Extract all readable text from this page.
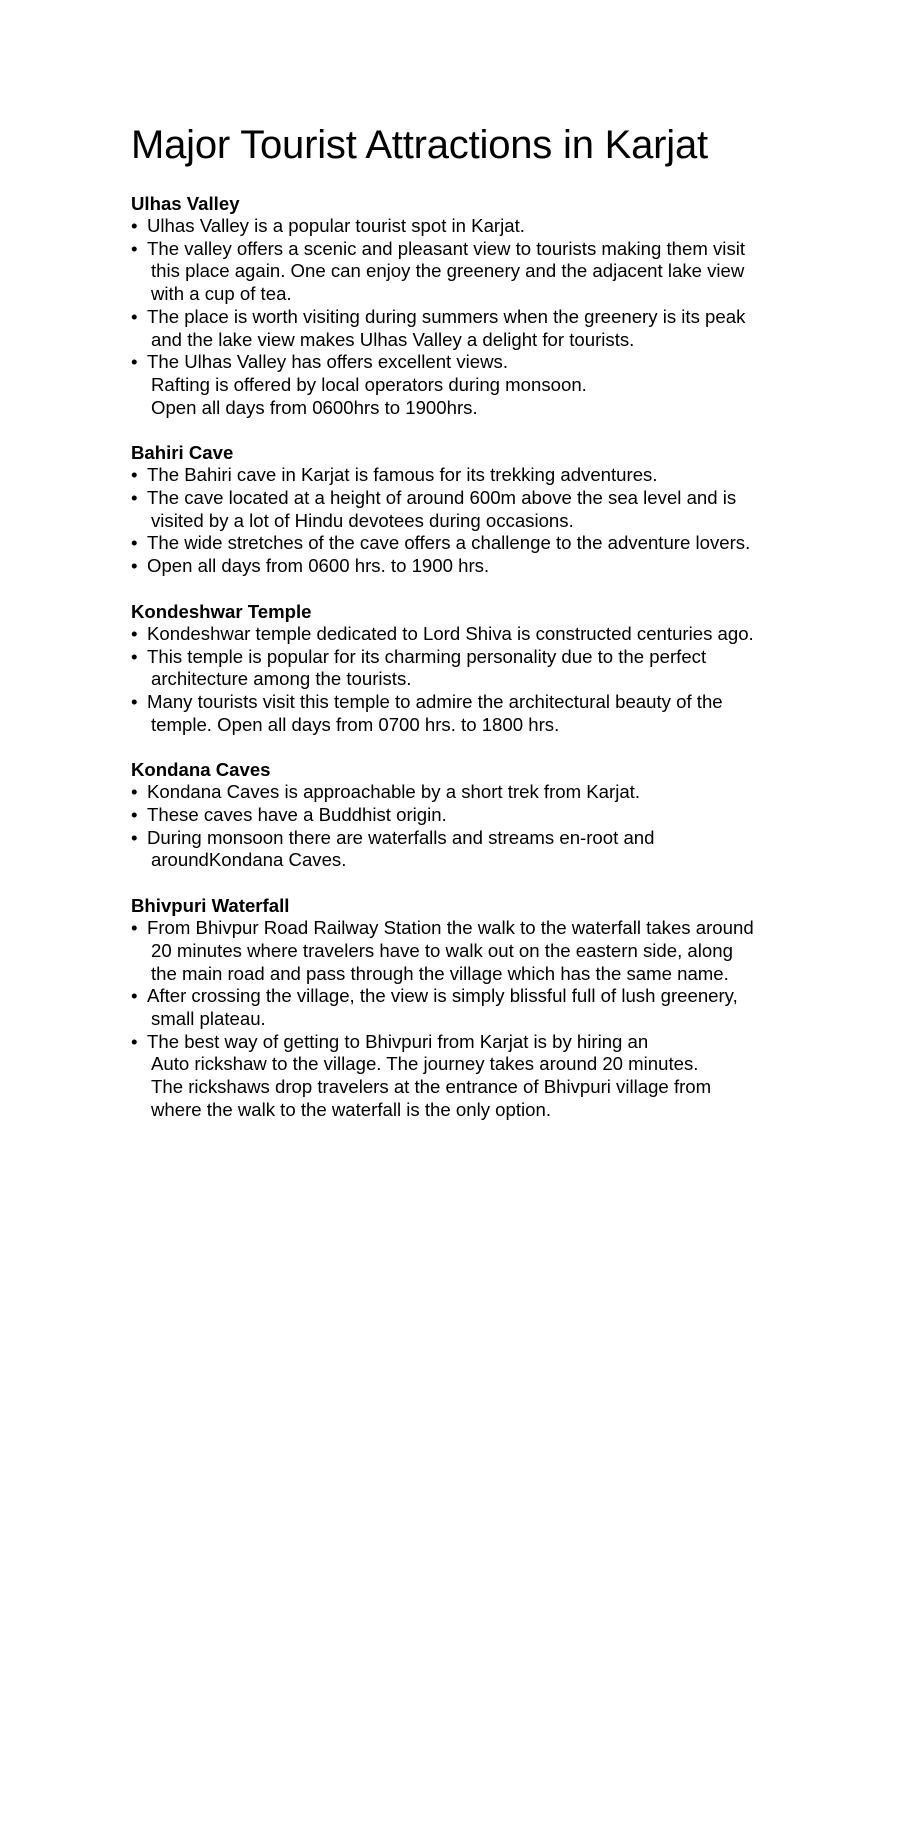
Major Tourist Attractions in Karjat
Ulhas Valley
• Ulhas Valley is a popular tourist spot in Karjat.
• The valley offers a scenic and pleasant view to tourists making them visit
this place again. One can enjoy the greenery and the adjacent lake view
with a cup of tea.
• The place is worth visiting during summers when the greenery is its peak
and the lake view makes Ulhas Valley a delight for tourists.
• The Ulhas Valley has offers excellent views.
Rafting is offered by local operators during monsoon.
Open all days from 0600hrs to 1900hrs.
Bahiri Cave
• The Bahiri cave in Karjat is famous for its trekking adventures.
• The cave located at a height of around 600m above the sea level and is
visited by a lot of Hindu devotees during occasions.
• The wide stretches of the cave offers a challenge to the adventure lovers.
• Open all days from 0600 hrs. to 1900 hrs.
Kondeshwar Temple
• Kondeshwar temple dedicated to Lord Shiva is constructed centuries ago.
• This temple is popular for its charming personality due to the perfect
architecture among the tourists.
• Many tourists visit this temple to admire the architectural beauty of the
temple. Open all days from 0700 hrs. to 1800 hrs.
Kondana Caves
• Kondana Caves is approachable by a short trek from Karjat.
• These caves have a Buddhist origin.
• During monsoon there are waterfalls and streams en-root and
aroundKondana Caves.
Bhivpuri Waterfall
• From Bhivpur Road Railway Station the walk to the waterfall takes around
20 minutes where travelers have to walk out on the eastern side, along
the main road and pass through the village which has the same name.
• After crossing the village, the view is simply blissful full of lush greenery,
small plateau.
• The best way of getting to Bhivpuri from Karjat is by hiring an
Auto rickshaw to the village. The journey takes around 20 minutes.
The rickshaws drop travelers at the entrance of Bhivpuri village from
where the walk to the waterfall is the only option.
